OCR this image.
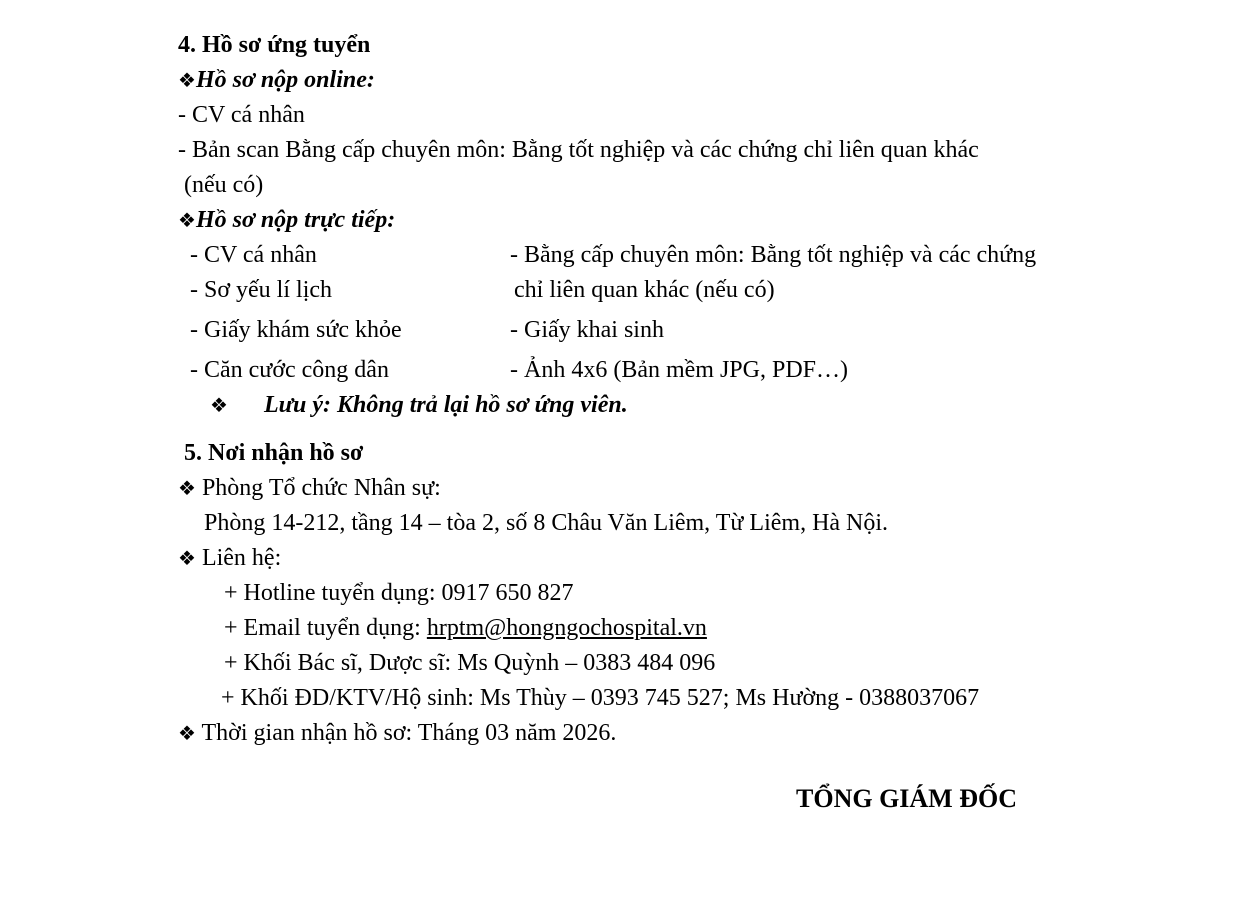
4. Hồ sơ ứng tuyển
❖Hồ sơ nộp online:
- CV cá nhân
- Bản scan Bằng cấp chuyên môn: Bằng tốt nghiệp và các chứng chỉ liên quan khác
(nếu có)
❖Hồ sơ nộp trực tiếp:
- CV cá nhân	- Bằng cấp chuyên môn: Bằng tốt nghiệp và các chứng
- Sơ yếu lí lịch	chỉ liên quan khác (nếu có)
- Giấy khám sức khỏe	- Giấy khai sinh
- Căn cước công dân	- Ảnh 4x6 (Bản mềm JPG, PDF…)
❖ Lưu ý: Không trả lại hồ sơ ứng viên.
5. Nơi nhận hồ sơ
❖ Phòng Tổ chức Nhân sự:
Phòng 14-212, tầng 14 – tòa 2, số 8 Châu Văn Liêm, Từ Liêm, Hà Nội.
❖ Liên hệ:
+ Hotline tuyển dụng: 0917 650 827
+ Email tuyển dụng: hrptm@hongngochospital.vn
+ Khối Bác sĩ, Dược sĩ: Ms Quỳnh – 0383 484 096
+ Khối ĐD/KTV/Hộ sinh: Ms Thùy – 0393 745 527; Ms Hường - 0388037067
❖ Thời gian nhận hồ sơ: Tháng 03 năm 2026.
TỔNG GIÁM ĐỐC
